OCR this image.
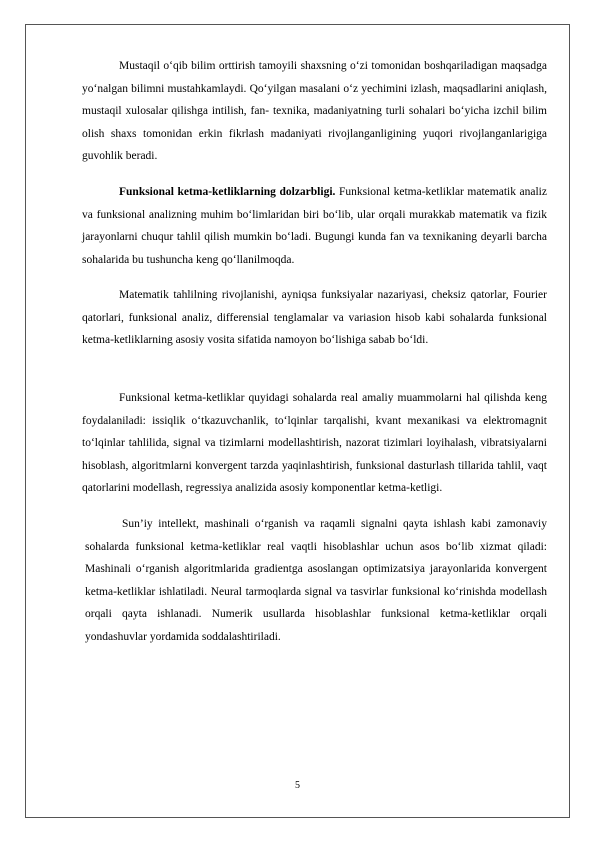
Mustaqil o‘qib bilim orttirish tamoyili shaxsning o‘zi tomonidan boshqariladigan maqsadga yo‘nalgan bilimni mustahkamlaydi. Qo‘yilgan masalani o‘z yechimini izlash, maqsadlarini aniqlash, mustaqil xulosalar qilishga intilish, fan- texnika, madaniyatning turli sohalari bo‘yicha izchil bilim olish shaxs tomonidan erkin fikrlash madaniyati rivojlanganligining yuqori rivojlanganlarigiga guvohlik beradi.

Funksional ketma-ketliklarning dolzarbligi. Funksional ketma-ketliklar matematik analiz va funksional analizning muhim bo‘limlaridan biri bo‘lib, ular orqali murakkab matematik va fizik jarayonlarni chuqur tahlil qilish mumkin bo‘ladi. Bugungi kunda fan va texnikaning deyarli barcha sohalarida bu tushuncha keng qo‘llanilmoqda.

Matematik tahlilning rivojlanishi, ayniqsa funksiyalar nazariyasi, cheksiz qatorlar, Fourier qatorlari, funksional analiz, differensial tenglamalar va variasion hisob kabi sohalarda funksional ketma-ketliklarning asosiy vosita sifatida namoyon bo‘lishiga sabab bo‘ldi.

Funksional ketma-ketliklar quyidagi sohalarda real amaliy muammolarni hal qilishda keng foydalaniladi: issiqlik o‘tkazuvchanlik, to‘lqinlar tarqalishi, kvant mexanikasi va elektromagnit to‘lqinlar tahlilida, signal va tizimlarni modellashtirish, nazorat tizimlari loyihalash, vibratsiyalarni hisoblash, algoritmlarni konvergent tarzda yaqinlashtirish, funksional dasturlash tillarida tahlil, vaqt qatorlarini modellash, regressiya analizida asosiy komponentlar ketma-ketligi.

Sun’iy intellekt, mashinali o‘rganish va raqamli signalni qayta ishlash kabi zamonaviy sohalarda funksional ketma-ketliklar real vaqtli hisoblashlar uchun asos bo‘lib xizmat qiladi: Mashinali o‘rganish algoritmlarida gradientga asoslangan optimizatsiya jarayonlarida konvergent ketma-ketliklar ishlatiladi. Neural tarmoqlarda signal va tasvirlar funksional ko‘rinishda modellash orqali qayta ishlanadi. Numerik usullarda hisoblashlar funksional ketma-ketliklar orqali yondashuvlar yordamida soddalashtiriladi.

5
